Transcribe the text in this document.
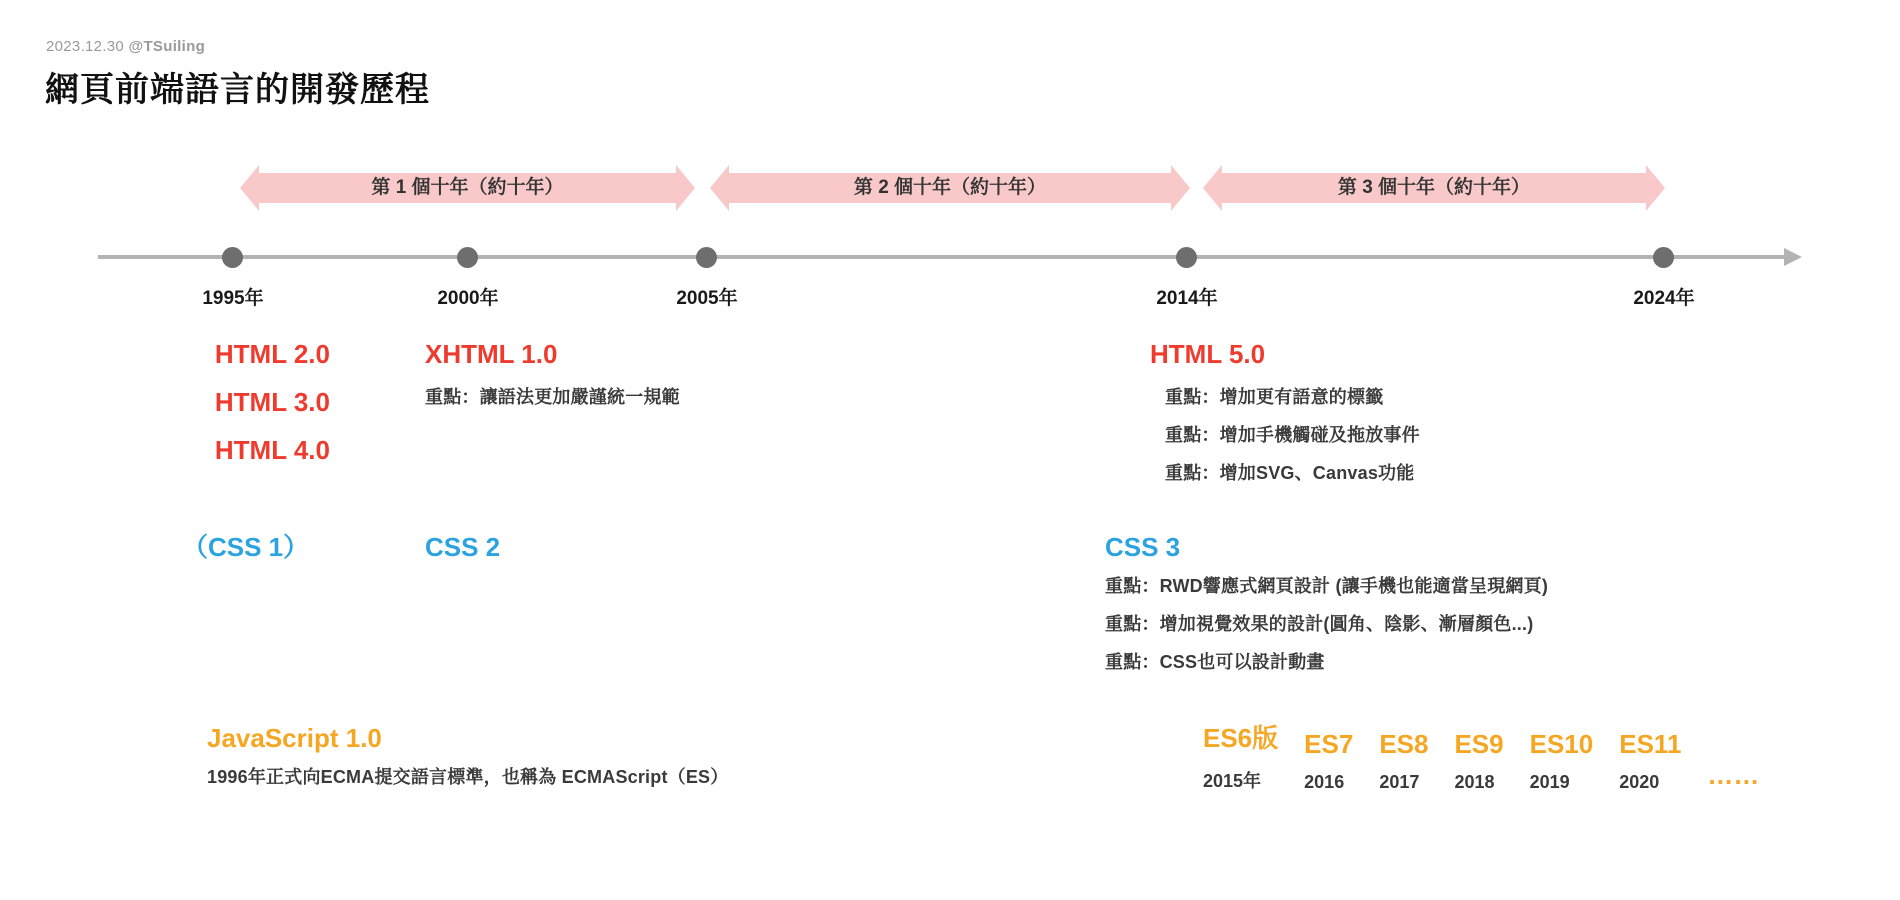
2023.12.30 @TSuiling
網頁前端語言的開發歷程
第 1 個十年（約十年）	第 2 個十年（約十年）	第 3 個十年（約十年）
1995年	2000年	2005年	2014年	2024年
HTML 2.0
HTML 3.0
HTML 4.0
XHTML 1.0
重點：讓語法更加嚴謹統一規範
HTML 5.0
重點：增加更有語意的標籤
重點：增加手機觸碰及拖放事件
重點：增加SVG、Canvas功能
（CSS 1）	CSS 2	CSS 3
重點：RWD響應式網頁設計 (讓手機也能適當呈現網頁)
重點：增加視覺效果的設計(圓角、陰影、漸層顏色...)
重點：CSS也可以設計動畫
JavaScript 1.0
1996年正式向ECMA提交語言標準，也稱為 ECMAScript（ES）
ES6版
2015年
ES7
2016
ES8
2017
ES9
2018
ES10
2019
ES11
2020 ……
